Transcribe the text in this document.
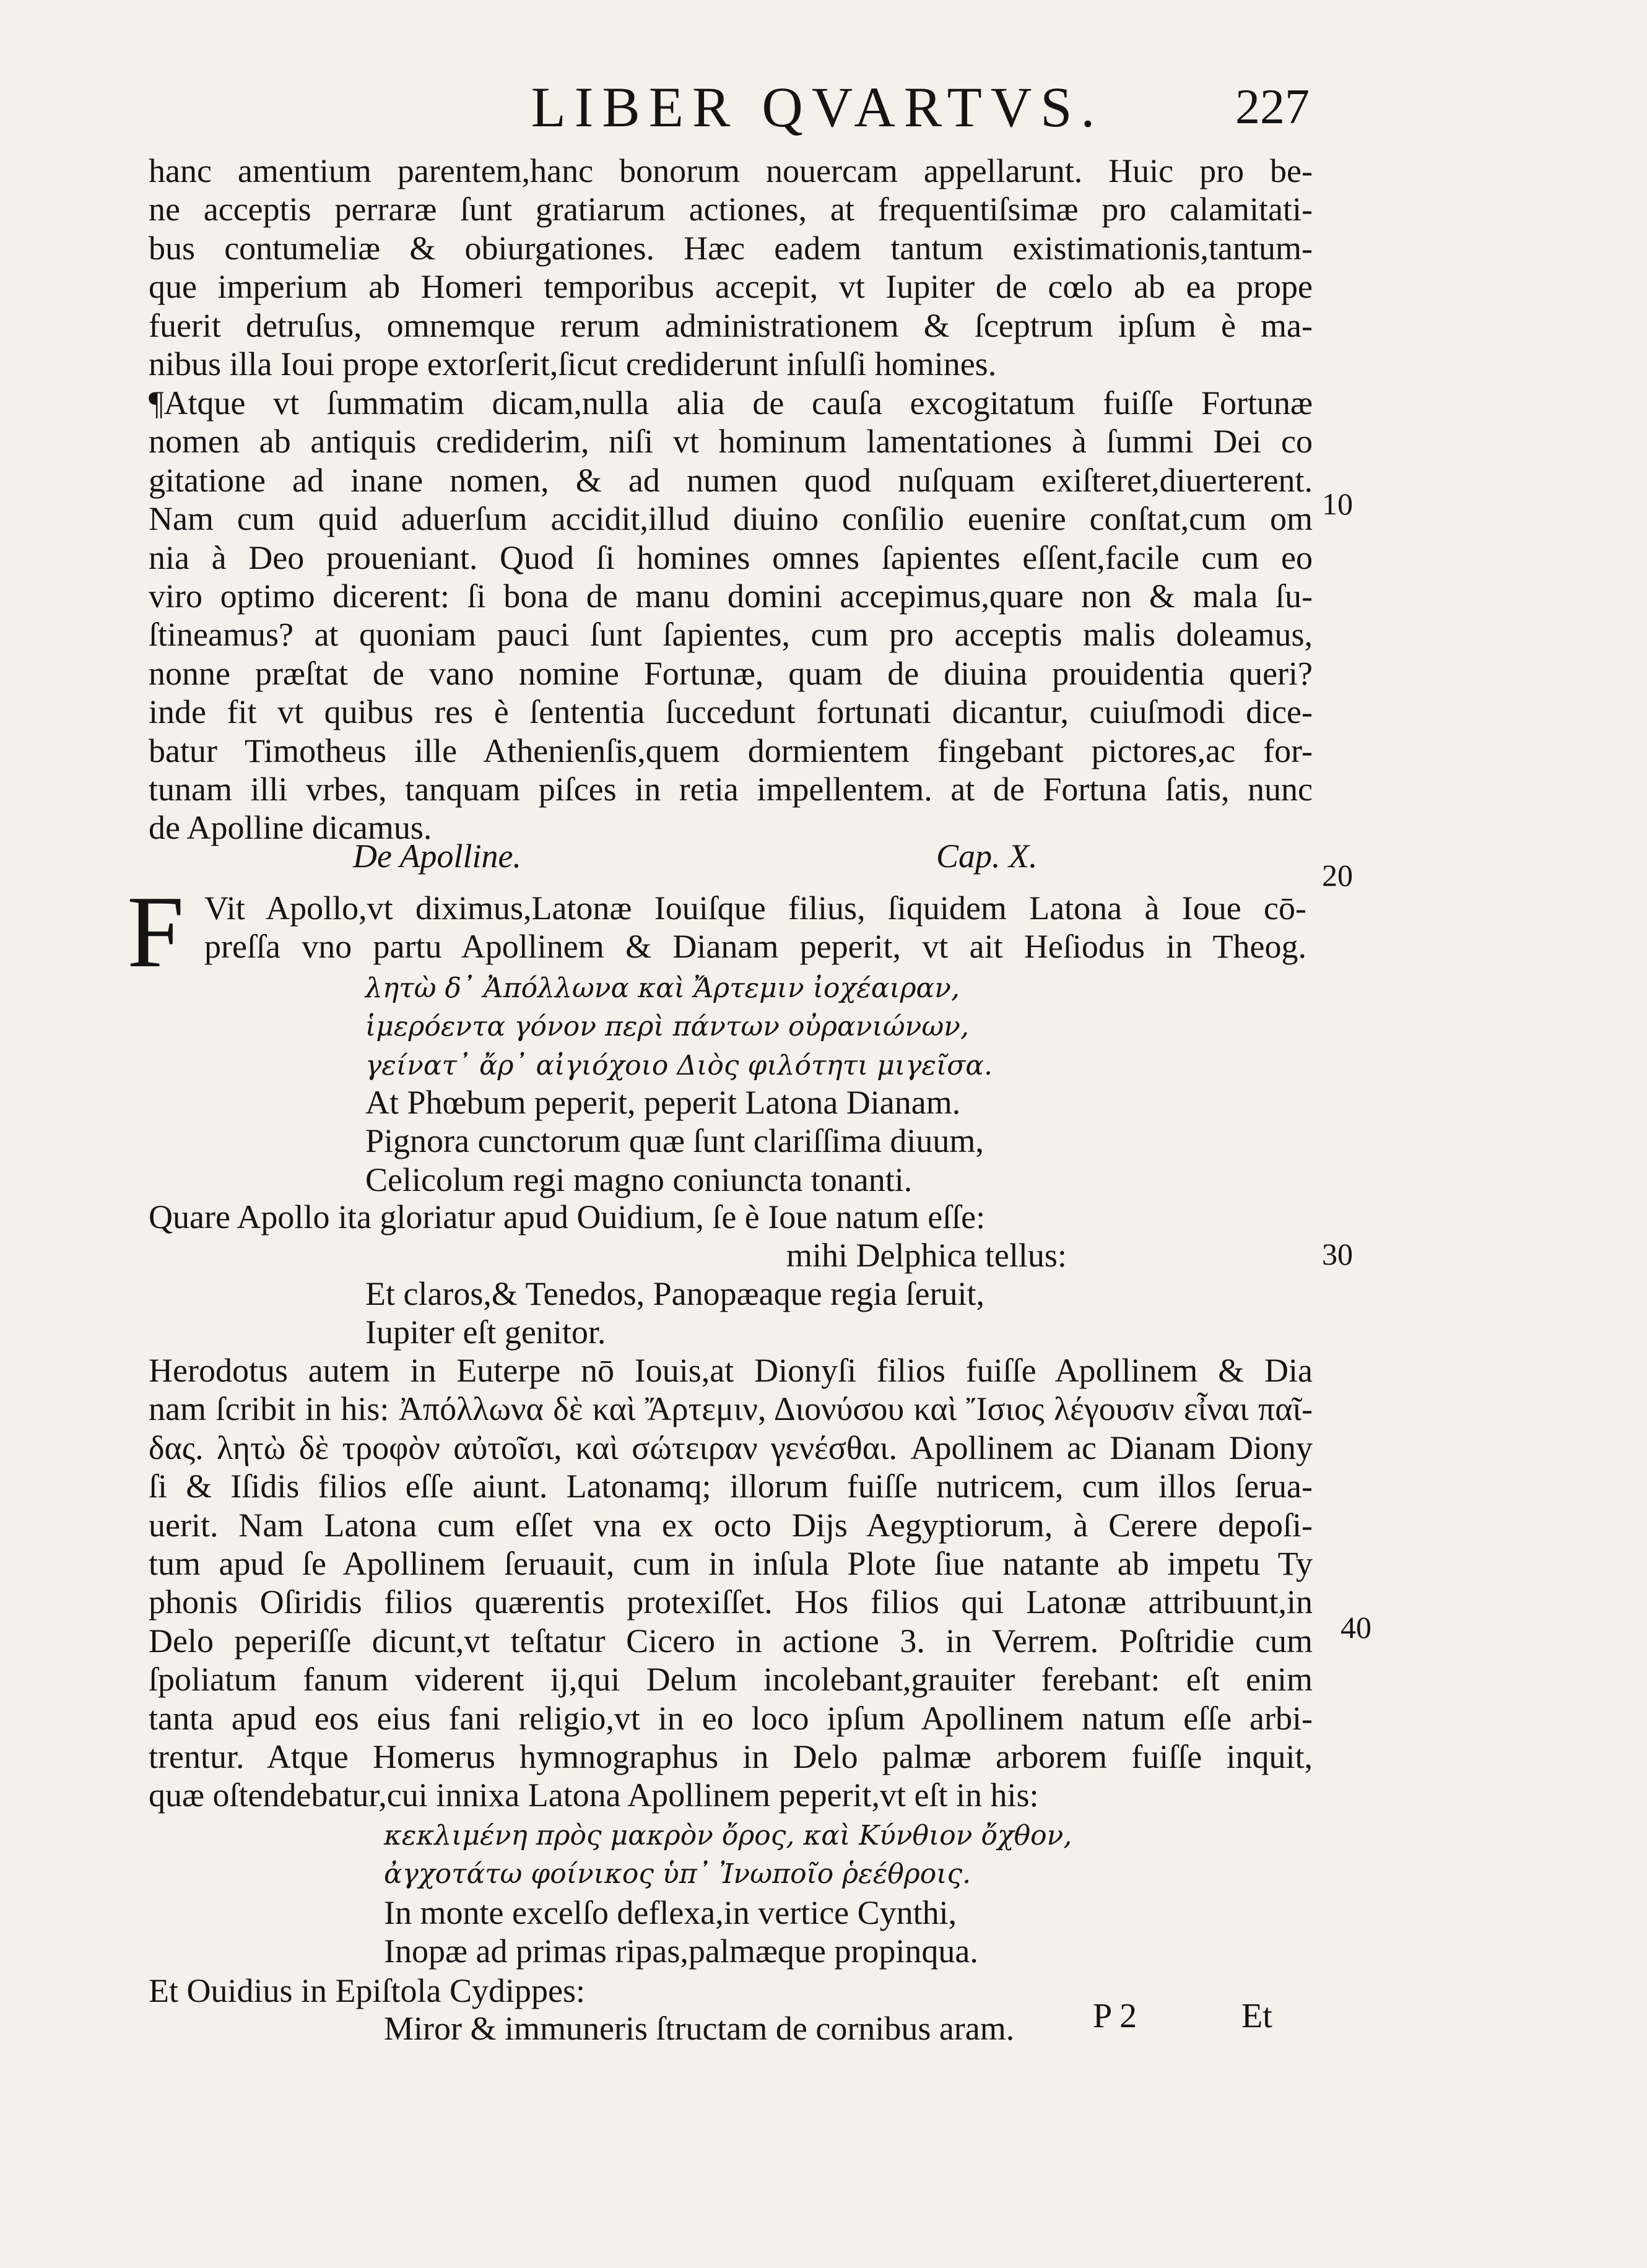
LIBER QVARTVS.	227
hanc amentium parentem,hanc bonorum nouercam appellarunt. Huic pro be-
ne acceptis perraræ ſunt gratiarum actiones, at frequentiſsimæ pro calamitati-
bus contumeliæ & obiurgationes. Hæc eadem tantum existimationis,tantum-
que imperium ab Homeri temporibus accepit, vt Iupiter de cœlo ab ea prope
fuerit detruſus, omnemque rerum administrationem & ſceptrum ipſum è ma-
nibus illa Ioui prope extorſerit,ſicut crediderunt inſulſi homines.
¶Atque vt ſummatim dicam,nulla alia de cauſa excogitatum fuiſſe Fortunæ
nomen ab antiquis crediderim, niſi vt hominum lamentationes à ſummi Dei co
gitatione ad inane nomen, & ad numen quod nuſquam exiſteret,diuerterent.
Nam cum quid aduerſum accidit,illud diuino conſilio euenire conſtat,cum om
nia à Deo proueniant. Quod ſi homines omnes ſapientes eſſent,facile cum eo
viro optimo dicerent: ſi bona de manu domini accepimus,quare non & mala ſu-
ſtineamus? at quoniam pauci ſunt ſapientes, cum pro acceptis malis doleamus,
nonne præſtat de vano nomine Fortunæ, quam de diuina prouidentia queri?
inde fit vt quibus res è ſententia ſuccedunt fortunati dicantur, cuiuſmodi dice-
batur Timotheus ille Athenienſis,quem dormientem fingebant pictores,ac for-
tunam illi vrbes, tanquam piſces in retia impellentem. at de Fortuna ſatis, nunc
de Apolline dicamus.
De Apolline.	Cap. X.
F Vit Apollo,vt diximus,Latonæ Iouiſque filius, ſiquidem Latona à Ioue cō-
preſſa vno partu Apollinem & Dianam peperit, vt ait Heſiodus in Theog.
λητὼ δ᾽ Ἀπόλλωνα καὶ Ἄρτεμιν ἰοχέαιραν,
ἱμερόεντα γόνον περὶ πάντων οὐρανιώνων,
γείνατ᾽ ἄρ᾽ αἰγιόχοιο Διὸς φιλότητι μιγεῖσα.
At Phœbum peperit, peperit Latona Dianam.
Pignora cunctorum quæ ſunt clariſſima diuum,
Celicolum regi magno coniuncta tonanti.
Quare Apollo ita gloriatur apud Ouidium, ſe è Ioue natum eſſe:
mihi Delphica tellus:
Et claros,& Tenedos, Panopæaque regia ſeruit,
Iupiter eſt genitor.
Herodotus autem in Euterpe nō Iouis,at Dionyſi filios fuiſſe Apollinem & Dia
nam ſcribit in his: Ἀπόλλωνα δὲ καὶ Ἄρτεμιν, Διονύσου καὶ Ἴσιος λέγουσιν εἶναι παῖ-
δας. λητὼ δὲ τροφὸν αὐτοῖσι, καὶ σώτειραν γενέσθαι. Apollinem ac Dianam Diony
ſi & Iſidis filios eſſe aiunt. Latonamq; illorum fuiſſe nutricem, cum illos ſerua-
uerit. Nam Latona cum eſſet vna ex octo Dijs Aegyptiorum, à Cerere depoſi-
tum apud ſe Apollinem ſeruauit, cum in inſula Plote ſiue natante ab impetu Ty
phonis Oſiridis filios quærentis protexiſſet. Hos filios qui Latonæ attribuunt,in
Delo peperiſſe dicunt,vt teſtatur Cicero in actione 3. in Verrem. Poſtridie cum
ſpoliatum fanum viderent ij,qui Delum incolebant,grauiter ferebant: eſt enim
tanta apud eos eius fani religio,vt in eo loco ipſum Apollinem natum eſſe arbi-
trentur. Atque Homerus hymnographus in Delo palmæ arborem fuiſſe inquit,
quæ oſtendebatur,cui innixa Latona Apollinem peperit,vt eſt in his:
κεκλιμένη πρὸς μακρὸν ὄρος, καὶ Κύνθιον ὄχθον,
ἀγχοτάτω φοίνικος ὑπ᾽ Ἰνωποῖο ῥεέθροις.
In monte excelſo deflexa,in vertice Cynthi,
Inopæ ad primas ripas,palmæque propinqua.
Et Ouidius in Epiſtola Cydippes:
Miror & immuneris ſtructam de cornibus aram.
10
20
30
40
P 2	Et
